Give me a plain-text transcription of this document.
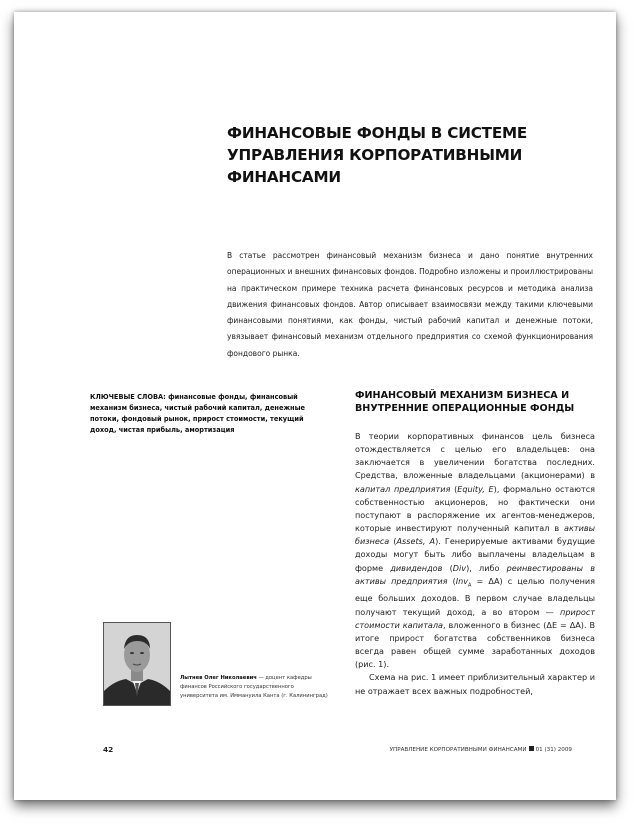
ФИНАНСОВЫЕ ФОНДЫ В СИСТЕМЕ УПРАВЛЕНИЯ КОРПОРАТИВНЫМИ ФИНАНСАМИ
В статье рассмотрен финансовый механизм бизнеса и дано понятие внутренних операционных и внешних финансовых фондов. Подробно изложены и проиллюстрированы на практическом примере техника расчета финансовых ресурсов и методика анализа движения финансовых фондов. Автор описывает взаимосвязи между такими ключевыми финансовыми понятиями, как фонды, чистый рабочий капитал и денежные потоки, увязывает финансовый механизм отдельного предприятия со схемой функционирования фондового рынка.
КЛЮЧЕВЫЕ СЛОВА: финансовые фонды, финансовый механизм бизнеса, чистый рабочий капитал, денежные потоки, фондовый рынок, прирост стоимости, текущий доход, чистая прибыль, амортизация
ФИНАНСОВЫЙ МЕХАНИЗМ БИЗНЕСА И ВНУТРЕННИЕ ОПЕРАЦИОННЫЕ ФОНДЫ

В теории корпоративных финансов цель бизнеса отождествляется с целью его владельцев: она заключается в увеличении богатства последних. Средства, вложенные владельцами (акционерами) в капитал предприятия (Equity, E), формально остаются собственностью акционеров, но фактически они поступают в распоряжение их агентов-менеджеров, которые инвестируют полученный капитал в активы бизнеса (Assets, A). Генерируемые активами будущие доходы могут быть либо выплачены владельцам в форме дивидендов (Div), либо реинвестированы в активы предприятия (Inv$_A$ = ΔA) с целью получения еще больших доходов. В первом случае владельцы получают текущий доход, а во втором — прирост стоимости капитала, вложенного в бизнес (ΔE = ΔA). В итоге прирост богатства собственников бизнеса всегда равен общей сумме заработанных доходов (рис. 1).

Схема на рис. 1 имеет приблизительный характер и не отражает всех важных подробностей,

Лытнев Олег Николаевич — доцент кафедры финансов Российского государственного университета им. Иммануила Канта (г. Калининград)
42	УПРАВЛЕНИЕ КОРПОРАТИВНЫМИ ФИНАНСАМИ 01 (31) 2009
